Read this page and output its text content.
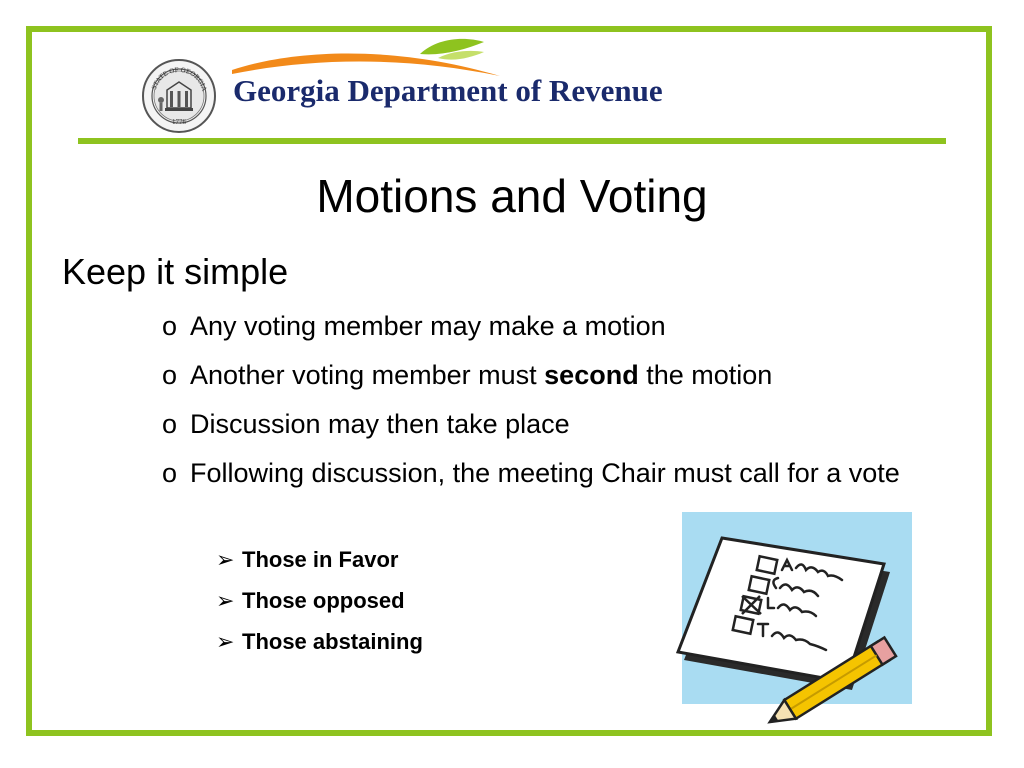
STATE OF GEORGIA
1776
Georgia Department of Revenue
Motions and Voting
Keep it simple
o Any voting member may make a motion
o Another voting member must second the motion
o Discussion may then take place
o Following discussion, the meeting Chair must call for a vote
➢ Those in Favor
➢ Those opposed
➢ Those abstaining
